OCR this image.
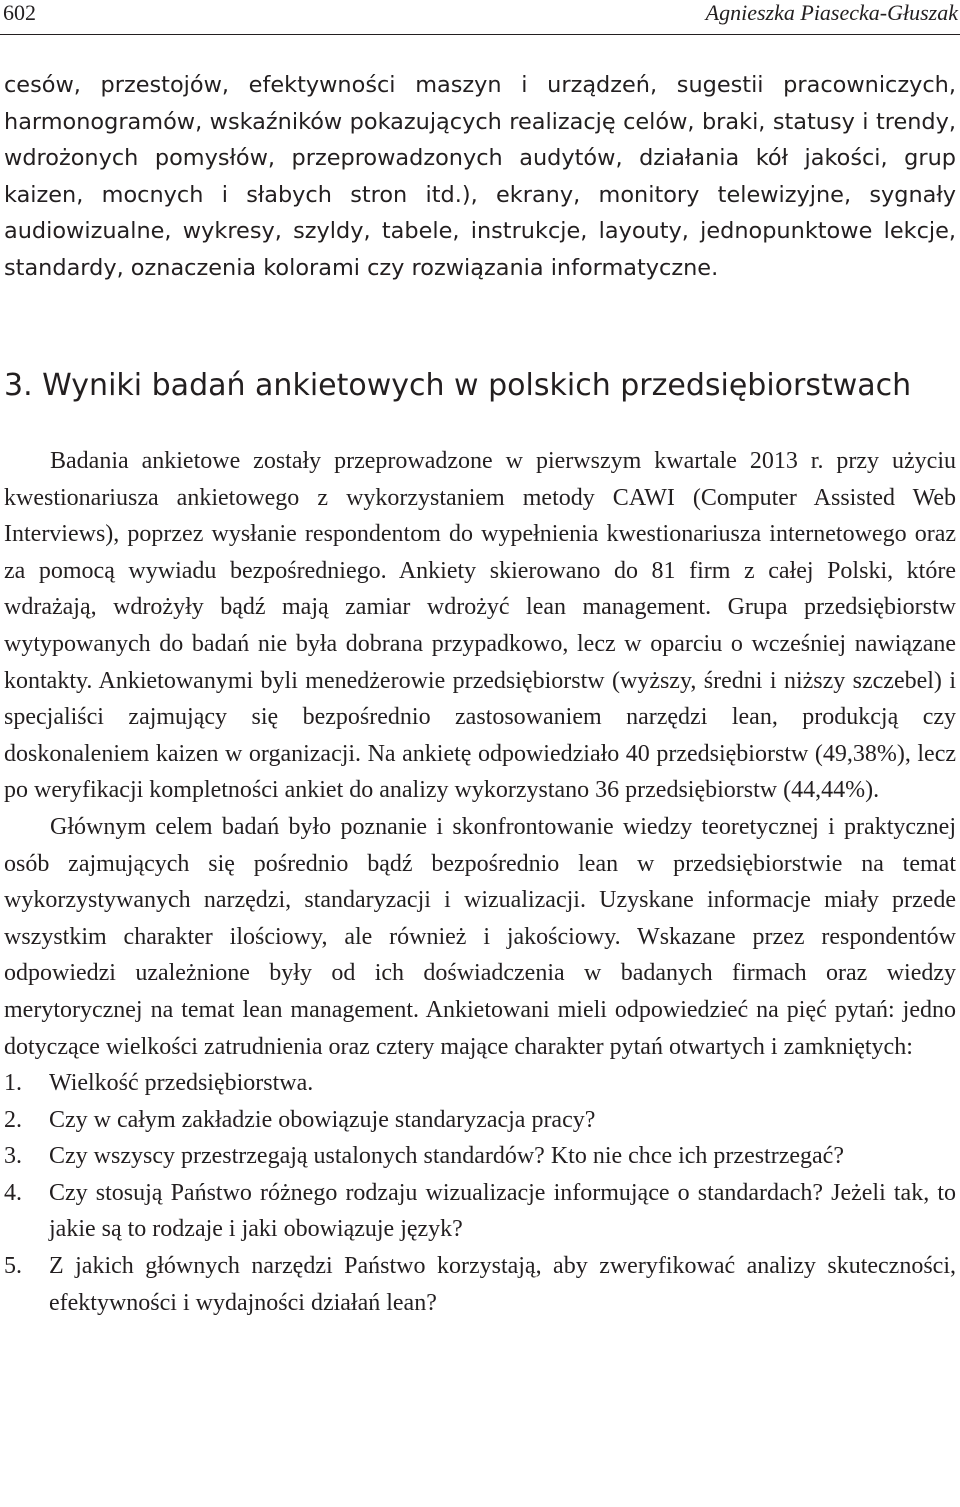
602	Agnieszka Piasecka-Głuszak

cesów, przestojów, efektywności maszyn i urządzeń, sugestii pracowniczych, harmonogramów, wskaźników pokazujących realizację celów, braki, statusy i trendy, wdrożonych pomysłów, przeprowadzonych audytów, działania kół jakości, grup kaizen, mocnych i słabych stron itd.), ekrany, monitory telewizyjne, sygnały audiowizualne, wykresy, szyldy, tabele, instrukcje, layouty, jednopunktowe lekcje, standardy, oznaczenia kolorami czy rozwiązania informatyczne.

3. Wyniki badań ankietowych w polskich przedsiębiorstwach

Badania ankietowe zostały przeprowadzone w pierwszym kwartale 2013 r. przy użyciu kwestionariusza ankietowego z wykorzystaniem metody CAWI (Computer Assisted Web Interviews), poprzez wysłanie respondentom do wypełnienia kwestionariusza internetowego oraz za pomocą wywiadu bezpośredniego. Ankiety skierowano do 81 firm z całej Polski, które wdrażają, wdrożyły bądź mają zamiar wdrożyć lean management. Grupa przedsiębiorstw wytypowanych do badań nie była dobrana przypadkowo, lecz w oparciu o wcześniej nawiązane kontakty. Ankietowanymi byli menedżerowie przedsiębiorstw (wyższy, średni i niższy szczebel) i specjaliści zajmujący się bezpośrednio zastosowaniem narzędzi lean, produkcją czy doskonaleniem kaizen w organizacji. Na ankietę odpowiedziało 40 przedsiębiorstw (49,38%), lecz po weryfikacji kompletności ankiet do analizy wykorzystano 36 przedsiębiorstw (44,44%).

Głównym celem badań było poznanie i skonfrontowanie wiedzy teoretycznej i praktycznej osób zajmujących się pośrednio bądź bezpośrednio lean w przedsiębiorstwie na temat wykorzystywanych narzędzi, standaryzacji i wizualizacji. Uzyskane informacje miały przede wszystkim charakter ilościowy, ale również i jakościowy. Wskazane przez respondentów odpowiedzi uzależnione były od ich doświadczenia w badanych firmach oraz wiedzy merytorycznej na temat lean management. Ankietowani mieli odpowiedzieć na pięć pytań: jedno dotyczące wielkości zatrudnienia oraz cztery mające charakter pytań otwartych i zamkniętych:

1. Wielkość przedsiębiorstwa.
2. Czy w całym zakładzie obowiązuje standaryzacja pracy?
3. Czy wszyscy przestrzegają ustalonych standardów? Kto nie chce ich przestrzegać?
4. Czy stosują Państwo różnego rodzaju wizualizacje informujące o standardach? Jeżeli tak, to jakie są to rodzaje i jaki obowiązuje język?
5. Z jakich głównych narzędzi Państwo korzystają, aby zweryfikować analizy skuteczności, efektywności i wydajności działań lean?
